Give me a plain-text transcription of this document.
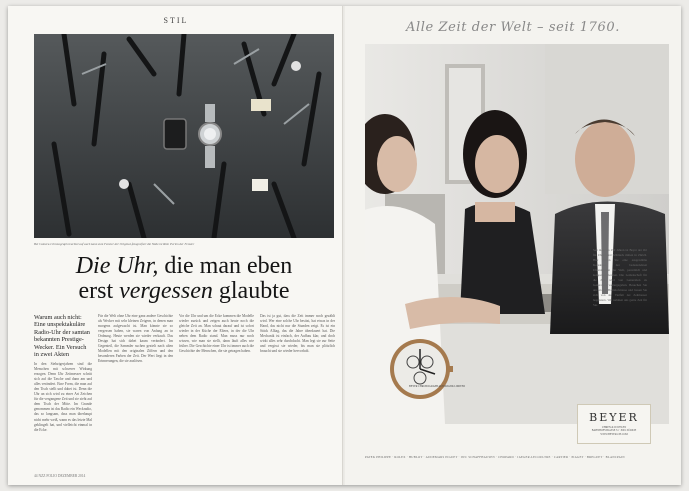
STIL
Bei Camera-Chronograph leuchtet auf auch kann zum Fenster der Original-fotografiert die Nähe ist Rütt. Perlen der Fenster
Die Uhr, die man eben
erst vergessen glaubte
Warum auch nicht: Eine unspektakuläre Radio-Uhr der samtan bekannten Prestige-Wecker. Ein Versuch in zwei Akten
In den Siebzigerjahren sind die Menschen mit schwerer Wirkung erzogen. Denn Uhr Zeitmesser schritt sich auf die Tasche und dann am und alles verändert. Eine Form, die man auf den Tisch stellt und dabei ist. Denn die Uhr an sich wird zu einer Art Zeichen für die vergangene Zeit und sie sieht auf dem Tisch der Mitte. Im Grunde genommen ist das Radio ein Weckradio, das so langsam, dass man überhaupt nicht mehr weiß, wann es das letzte Mal geklingelt hat, und vielleicht einmal in die Ecke.
Für die Welt ohne Uhr eine ganz andere Geschichte als Wecker mit sehr kleinen Zeigern, in denen man morgens aufgewacht ist. Man könnte sie so vergessen haben, sie waren von Anfang an in Ordnung. Heute werden sie wieder verkauft. Das Design hat sich dabei kaum verändert. Im Gegenteil, die Sammler suchen gezielt nach alten Modellen mit den originalen Ziffern und den besonderen Farben der Zeit. Der Wert liegt in den Erinnerungen, die sie auslösen.
Vor die Uhr und um die Ecke kommen die Modelle wieder zurück und zeigen auch heute noch die gleiche Zeit an. Man schaut darauf und ist sofort wieder in der Küche der Eltern, in der die Uhr neben dem Radio stand. Man muss nur noch wissen, wie man sie stellt, dann läuft alles wie früher. Die Geschichte einer Uhr ist immer auch die Geschichte der Menschen, die sie getragen haben.
Das ist ja gut, dass die Zeit immer noch gezählt wird. Wer eine solche Uhr besitzt, hat etwas in der Hand, das nicht nur die Stunden zeigt. Es ist ein Stück Alltag, das die Jahre überdauert hat. Die Mechanik ist einfach, der Aufbau klar, und doch wirkt alles sehr durchdacht. Man legt sie zur Seite und vergisst sie wieder, bis man sie plötzlich braucht und sie wieder hervorholt.
44 NZZ FOLIO DEZEMBER 2014
Alle Zeit der Welt – seit 1760.
Seit mehr als 250 Jahren ist Beyer der Ort für Uhren und Schmuck mitten in Zürich. Hier finden Sie eine ausgewählte Kollektion der bedeutendsten Uhrenmarken der Welt, persönlich und kompetent beraten. Die Leidenschaft für die Zeit wird von Generation zu Generation weitergegeben. Besuchen Sie uns an der Bahnhofstrasse und lassen Sie sich von der Vielfalt der Zeitmesser begeistern. Wir nehmen uns gerne Zeit für Sie.
BEYER CHRONOGRAPH AUTOMATIK LIMITED
BEYER
UHREN & JUWELEN
BAHNHOFSTRASSE 31 · 8001 ZÜRICH
WWW.BEYER-CH.COM
PATEK PHILIPPE · ROLEX · HUBLOT · AUDEMARS PIGUET · IWC SCHAFFHAUSEN · CHOPARD · JAEGER-LECOULTRE · CARTIER · PIAGET · BREGUET · BLANCPAIN
